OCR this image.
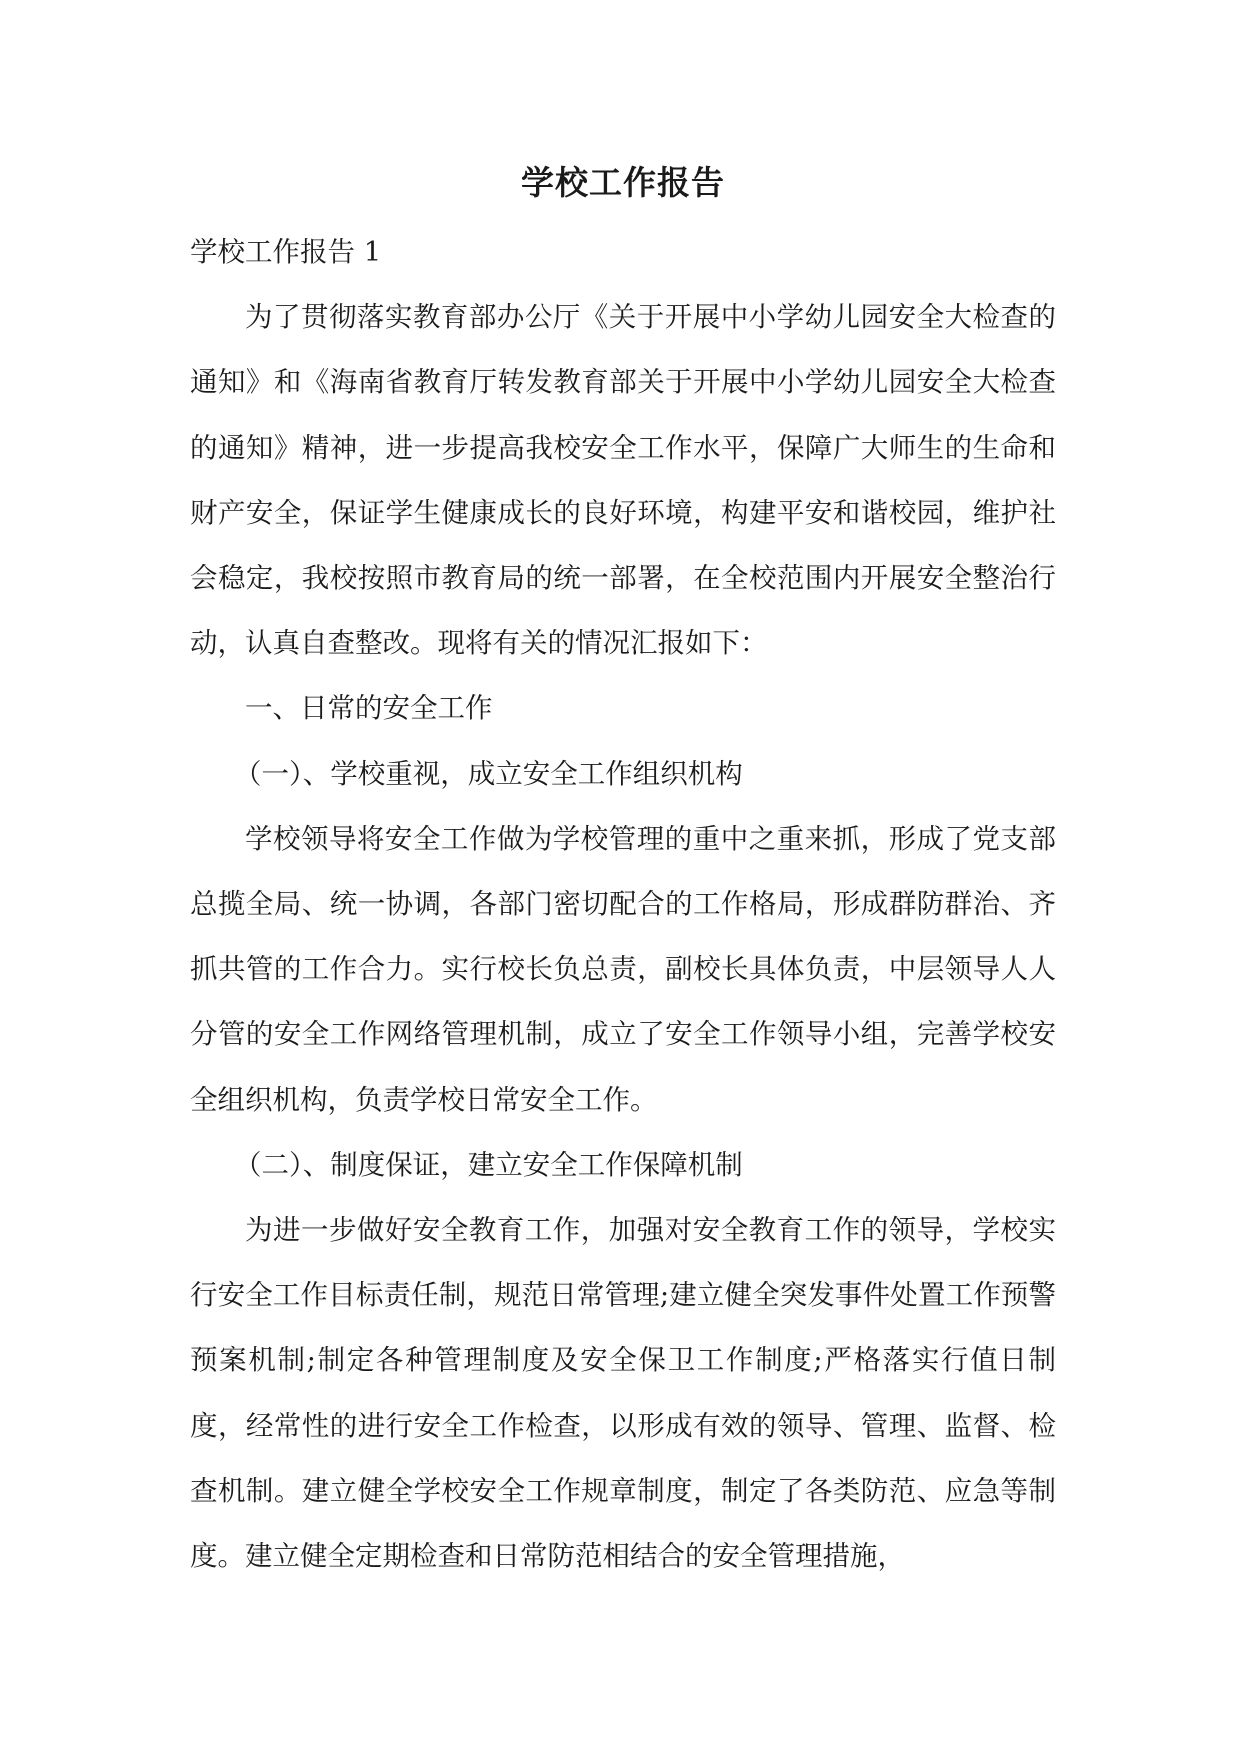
学校工作报告

学校工作报告 1

为了贯彻落实教育部办公厅《关于开展中小学幼儿园安全大检查的通知》和《海南省教育厅转发教育部关于开展中小学幼儿园安全大检查的通知》精神，进一步提高我校安全工作水平，保障广大师生的生命和财产安全，保证学生健康成长的良好环境，构建平安和谐校园，维护社会稳定，我校按照市教育局的统一部署，在全校范围内开展安全整治行动，认真自查整改。现将有关的情况汇报如下：

一、日常的安全工作

（一）、学校重视，成立安全工作组织机构

学校领导将安全工作做为学校管理的重中之重来抓，形成了党支部总揽全局、统一协调，各部门密切配合的工作格局，形成群防群治、齐抓共管的工作合力。实行校长负总责，副校长具体负责，中层领导人人分管的安全工作网络管理机制，成立了安全工作领导小组，完善学校安全组织机构，负责学校日常安全工作。

（二）、制度保证，建立安全工作保障机制

为进一步做好安全教育工作，加强对安全教育工作的领导，学校实行安全工作目标责任制，规范日常管理;建立健全突发事件处置工作预警预案机制;制定各种管理制度及安全保卫工作制度;严格落实行值日制度，经常性的进行安全工作检查，以形成有效的领导、管理、监督、检查机制。建立健全学校安全工作规章制度，制定了各类防范、应急等制度。建立健全定期检查和日常防范相结合的安全管理措施，
